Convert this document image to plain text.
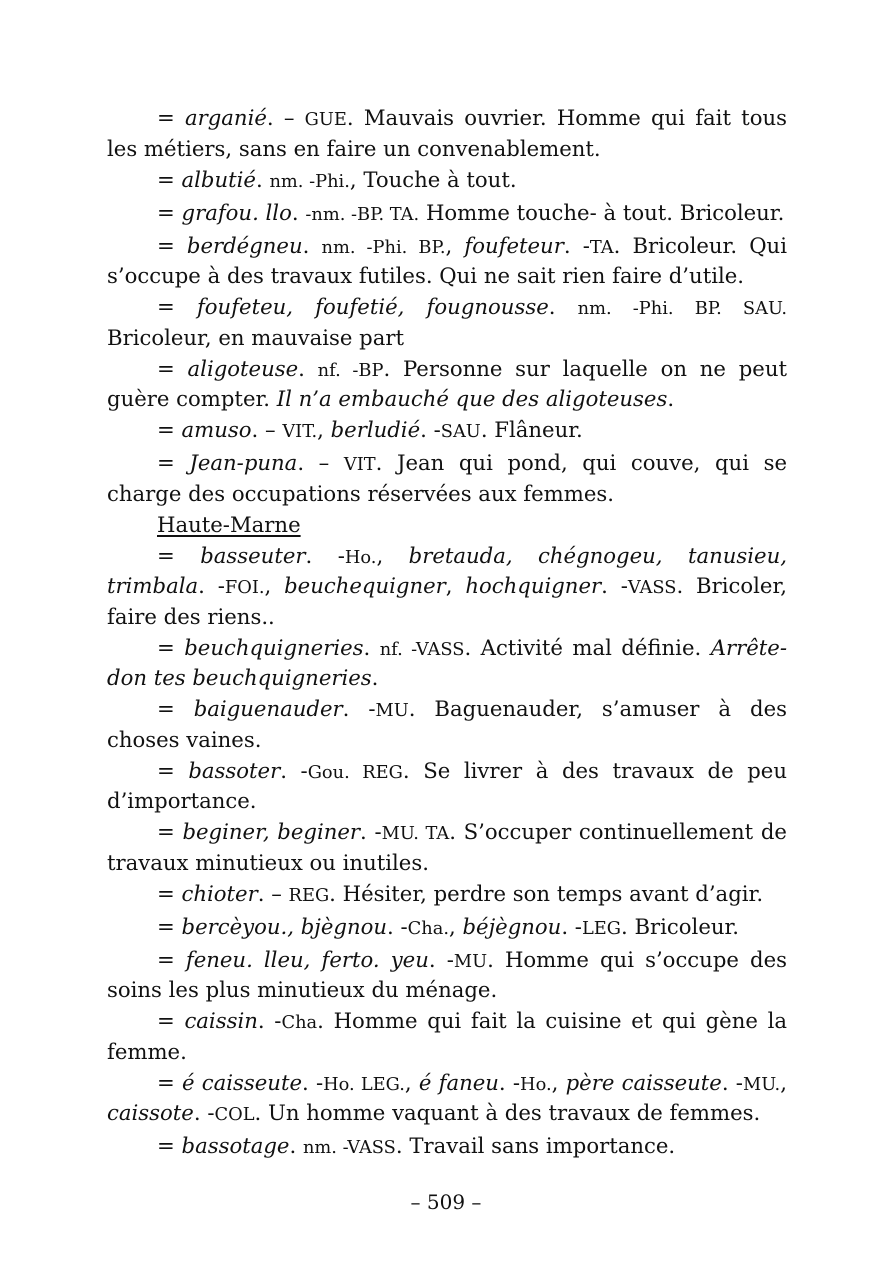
= arganié. – GUE. Mauvais ouvrier. Homme qui fait tous les métiers, sans en faire un convenablement.

= albutié. nm. -Phi., Touche à tout.

= grafou. llo. -nm. -BP. TA. Homme touche- à tout. Bricoleur.

= berdégneu. nm. -Phi. BP., foufeteur. -TA. Bricoleur. Qui s’occupe à des travaux futiles. Qui ne sait rien faire d’utile.

= foufeteu, foufetié, fougnousse. nm. -Phi. BP. SAU. Bricoleur, en mauvaise part

= aligoteuse. nf. -BP. Personne sur laquelle on ne peut guère compter. Il n’a embauché que des aligoteuses.

= amuso. – VIT., berludié. -SAU. Flâneur.

= Jean-puna. – VIT. Jean qui pond, qui couve, qui se charge des occupations réservées aux femmes.

Haute-Marne

= basseuter. -Ho., bretauda, chégnogeu, tanusieu, trimbala. -FOI., beuchequigner, hochquigner. -VASS. Bricoler, faire des riens..

= beuchquigneries. nf. -VASS. Activité mal définie. Arrête-don tes beuchquigneries.

= baiguenauder. -MU. Baguenauder, s’amuser à des choses vaines.

= bassoter. -Gou. REG. Se livrer à des travaux de peu d’importance.

= beginer, beginer. -MU. TA. S’occuper continuellement de travaux minutieux ou inutiles.

= chioter. – REG. Hésiter, perdre son temps avant d’agir.

= bercèyou., bjègnou. -Cha., béjègnou. -LEG. Bricoleur.

= feneu. lleu, ferto. yeu. -MU. Homme qui s’occupe des soins les plus minutieux du ménage.

= caissin. -Cha. Homme qui fait la cuisine et qui gène la femme.

= é caisseute. -Ho. LEG., é faneu. -Ho., père caisseute. -MU., caissote. -COL. Un homme vaquant à des travaux de femmes.

= bassotage. nm. -VASS. Travail sans importance.

– 509 –
